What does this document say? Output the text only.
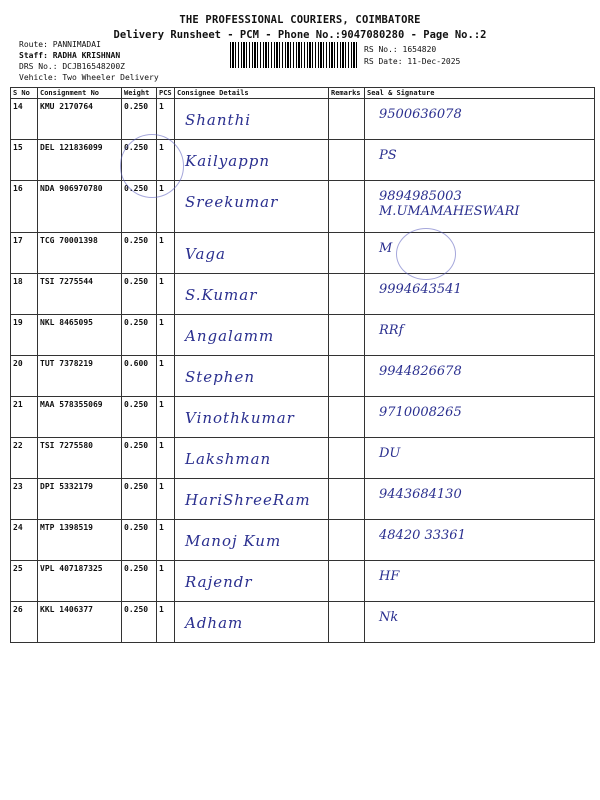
THE PROFESSIONAL COURIERS, COIMBATORE
Delivery Runsheet - PCM - Phone No.:9047080280 - Page No.:2
Route: PANNIMADAI
Staff: RADHA KRISHNAN
DRS No.: DCJB16548200Z
Vehicle: Two Wheeler Delivery
RS No.: 1654820
RS Date: 11-Dec-2025
S No	Consignment No	Weight	PCS	Consignee Details	Remarks	Seal & Signature
14	KMU 2170764	0.250	1	Shanthi		9500636078

15	DEL 121836099	0.250	1	Kailyappn		PS

16	NDA 906970780	0.250	1	Sreekumar		9894985003 M.UMAMAHESWARI

17	TCG 70001398	0.250	1	Vaga		M

18	TSI 7275544	0.250	1	S.Kumar		9994643541

19	NKL 8465095	0.250	1	Angalamm		RRf

20	TUT 7378219	0.600	1	Stephen		9944826678

21	MAA 578355069	0.250	1	Vinothkumar		9710008265

22	TSI 7275580	0.250	1	Lakshman		DU

23	DPI 5332179	0.250	1	HariShreeRam		9443684130

24	MTP 1398519	0.250	1	Manoj Kum		48420 33361

25	VPL 407187325	0.250	1	Rajendr		HF

26	KKL 1406377	0.250	1	Adham		Nk
